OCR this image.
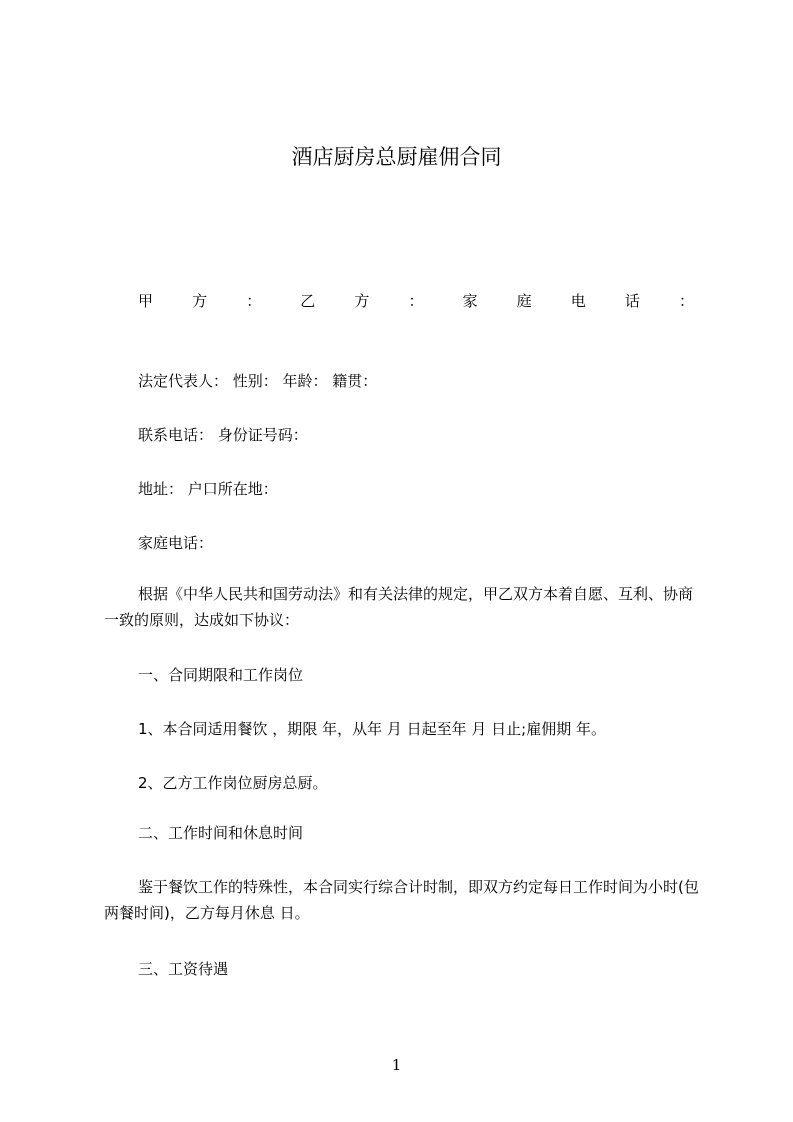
酒店厨房总厨雇佣合同
甲	方	：	乙	方	：	家	庭	电	话	：
法定代表人： 性别： 年龄： 籍贯：
联系电话： 身份证号码：
地址： 户口所在地：
家庭电话：
根据《中华人民共和国劳动法》和有关法律的规定，甲乙双方本着自愿、互利、协商一致的原则，达成如下协议：
一、合同期限和工作岗位
1、本合同适用餐饮 ，期限 年，从年 月 日起至年 月 日止;雇佣期 年。
2、乙方工作岗位厨房总厨。
二、工作时间和休息时间
鉴于餐饮工作的特殊性，本合同实行综合计时制，即双方约定每日工作时间为小时(包两餐时间)，乙方每月休息 日。
三、工资待遇
1
